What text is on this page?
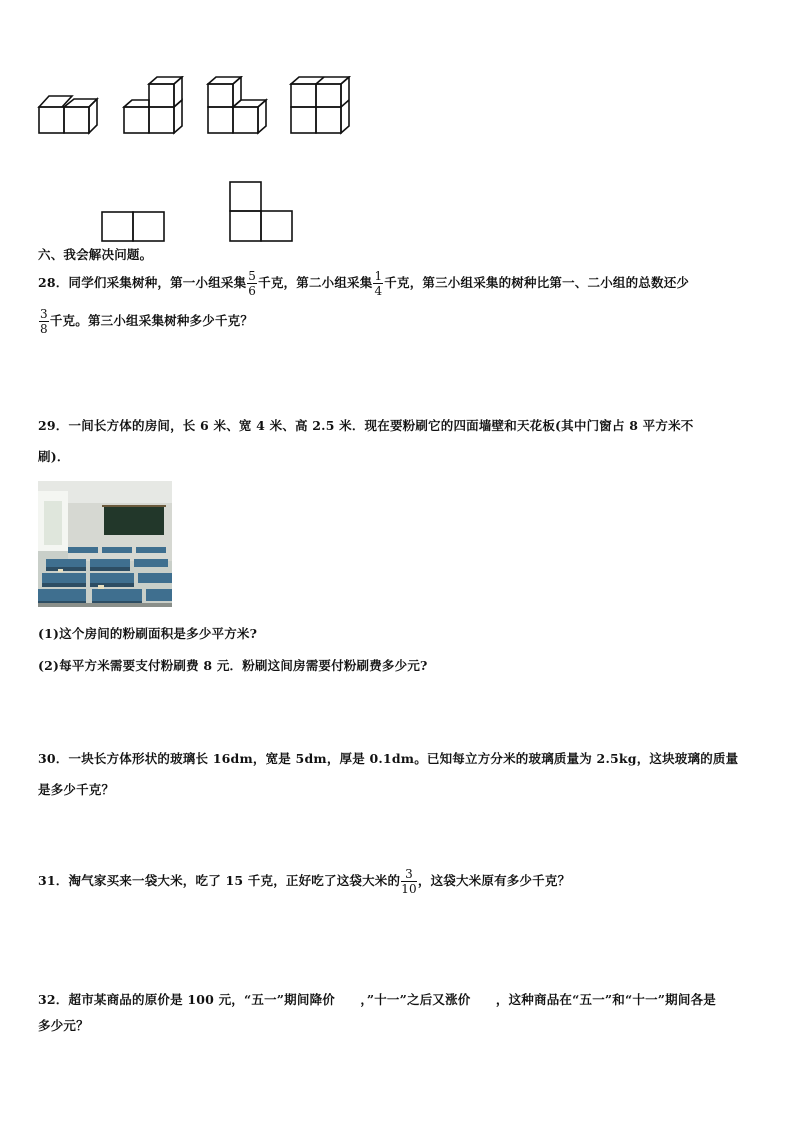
六、我会解决问题。
28．同学们采集树种，第一小组采集 $\frac{5}{6}$ 千克，第二小组采集 $\frac{1}{4}$ 千克，第三小组采集的树种比第一、二小组的总数还少
$\frac{3}{8}$ 千克。第三小组采集树种多少千克？
29．一间长方体的房间，长 6 米、宽 4 米、高 2.5 米．现在要粉刷它的四面墙壁和天花板(其中门窗占 8 平方米不
刷)．
(1)这个房间的粉刷面积是多少平方米?
(2)每平方米需要支付粉刷费 8 元．粉刷这间房需要付粉刷费多少元?
30．一块长方体形状的玻璃长 16dm，宽是 5dm，厚是 0.1dm。已知每立方分米的玻璃质量为 2.5kg，这块玻璃的质量
是多少千克？
31．淘气家买来一袋大米，吃了 15 千克，正好吃了这袋大米的 $\frac{3}{10}$ ，这袋大米原有多少千克？
32．超市某商品的原价是 100 元，“五一”期间降价　　，”十一”之后又涨价　　，这种商品在“五一”和“十一”期间各是
多少元？
